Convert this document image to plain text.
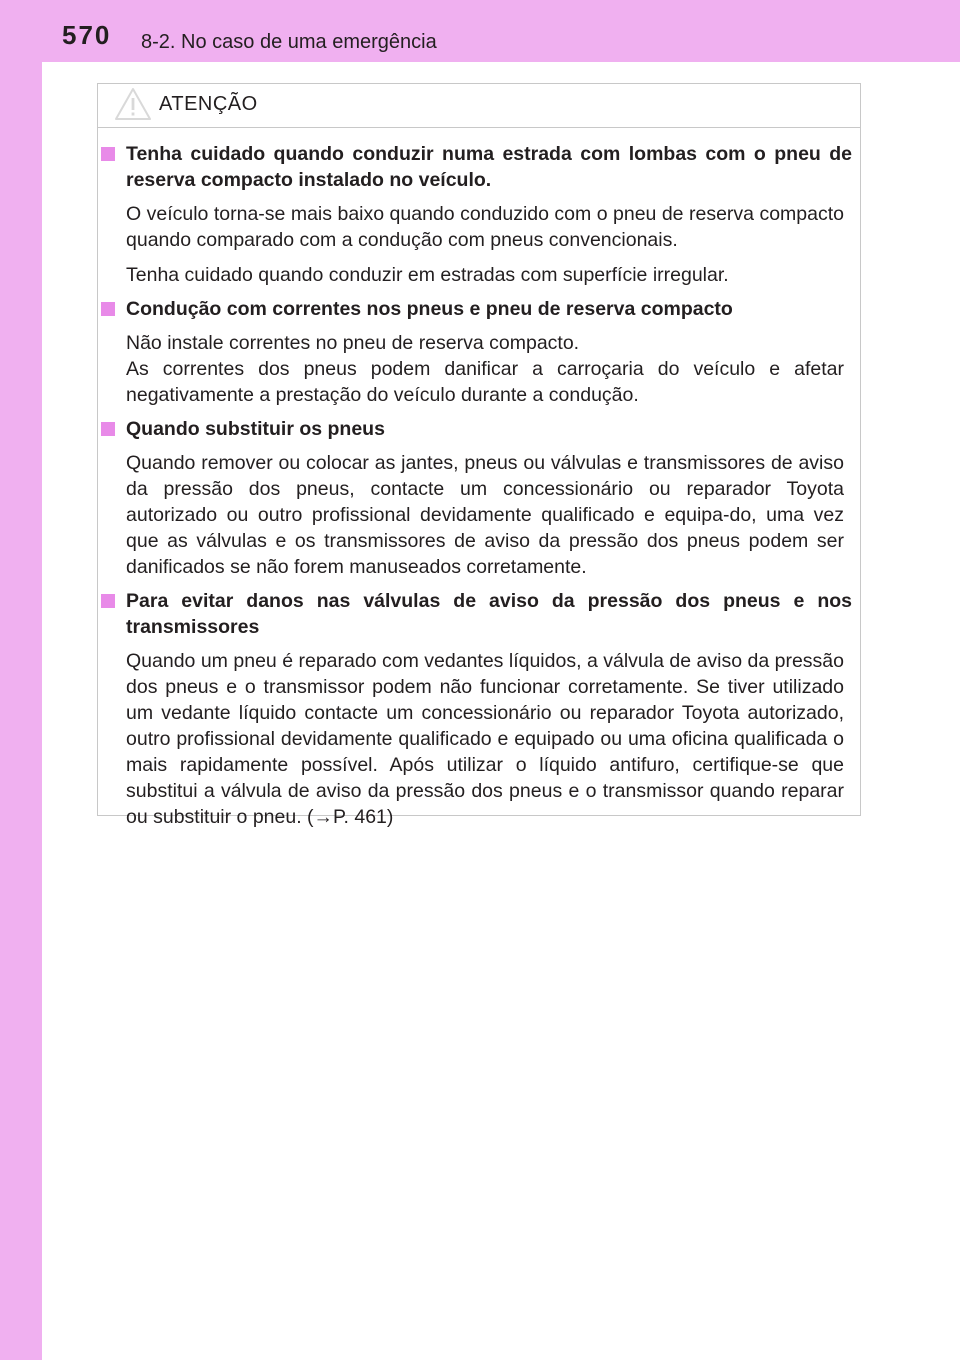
570 8-2. No caso de uma emergência
ATENÇÃO
Tenha cuidado quando conduzir numa estrada com lombas com o pneu de reserva compacto instalado no veículo.
O veículo torna-se mais baixo quando conduzido com o pneu de reserva compacto quando comparado com a condução com pneus convencionais.
Tenha cuidado quando conduzir em estradas com superfície irregular.
Condução com correntes nos pneus e pneu de reserva compacto
Não instale correntes no pneu de reserva compacto.
As correntes dos pneus podem danificar a carroçaria do veículo e afetar negativamente a prestação do veículo durante a condução.
Quando substituir os pneus
Quando remover ou colocar as jantes, pneus ou válvulas e transmissores de aviso da pressão dos pneus, contacte um concessionário ou reparador Toyota autorizado ou outro profissional devidamente qualificado e equipa-do, uma vez que as válvulas e os transmissores de aviso da pressão dos pneus podem ser danificados se não forem manuseados corretamente.
Para evitar danos nas válvulas de aviso da pressão dos pneus e nos transmissores
Quando um pneu é reparado com vedantes líquidos, a válvula de aviso da pressão dos pneus e o transmissor podem não funcionar corretamente. Se tiver utilizado um vedante líquido contacte um concessionário ou reparador Toyota autorizado, outro profissional devidamente qualificado e equipado ou uma oficina qualificada o mais rapidamente possível. Após utilizar o líquido antifuro, certifique-se que substitui a válvula de aviso da pressão dos pneus e o transmissor quando reparar ou substituir o pneu. (→P. 461)
